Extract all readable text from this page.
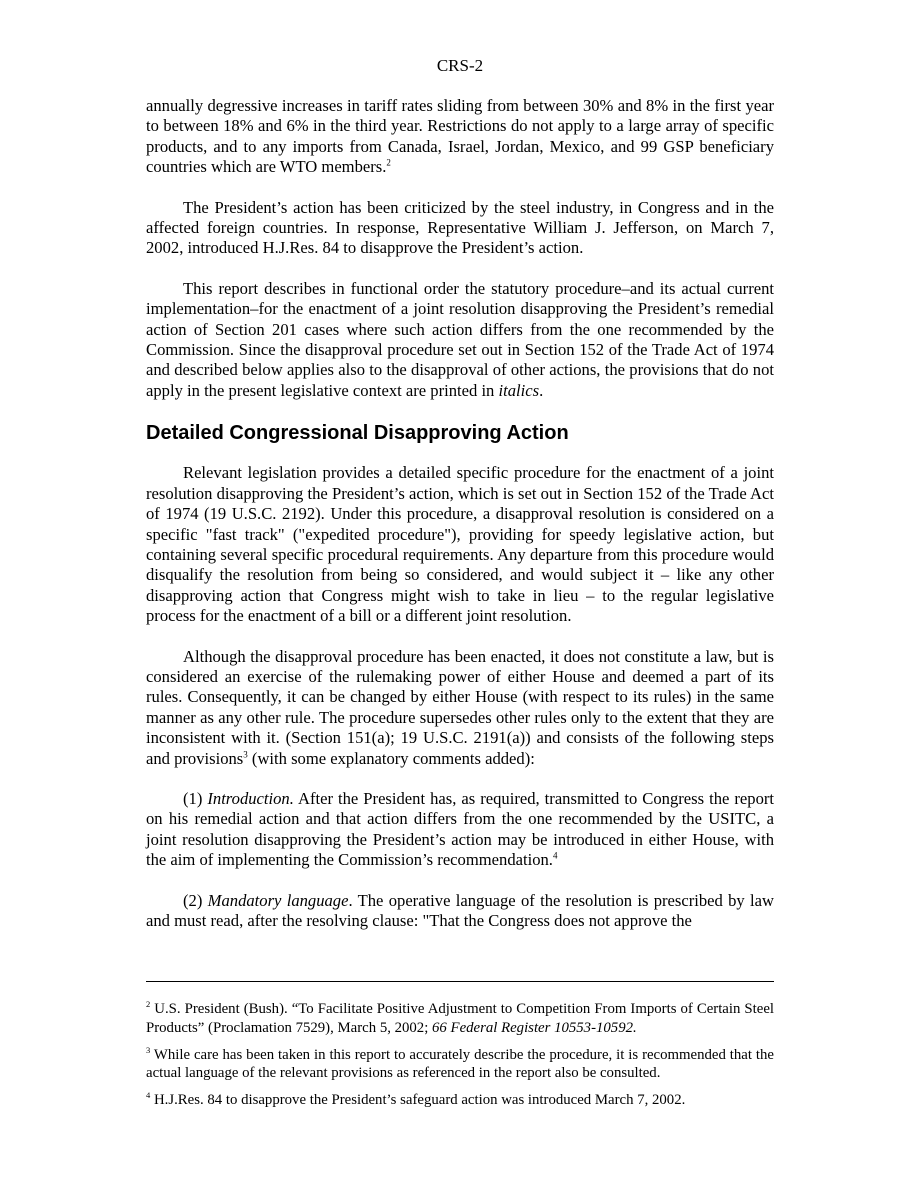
CRS-2

annually degressive increases in tariff rates sliding from between 30% and 8% in the first year to between 18% and 6% in the third year. Restrictions do not apply to a large array of specific products, and to any imports from Canada, Israel, Jordan, Mexico, and 99 GSP beneficiary countries which are WTO members.$^2$

The President’s action has been criticized by the steel industry, in Congress and in the affected foreign countries. In response, Representative William J. Jefferson, on March 7, 2002, introduced H.J.Res. 84 to disapprove the President’s action.

This report describes in functional order the statutory procedure–and its actual current implementation–for the enactment of a joint resolution disapproving the President’s remedial action of Section 201 cases where such action differs from the one recommended by the Commission. Since the disapproval procedure set out in Section 152 of the Trade Act of 1974 and described below applies also to the disapproval of other actions, the provisions that do not apply in the present legislative context are printed in italics.

Detailed Congressional Disapproving Action

Relevant legislation provides a detailed specific procedure for the enactment of a joint resolution disapproving the President’s action, which is set out in Section 152 of the Trade Act of 1974 (19 U.S.C. 2192). Under this procedure, a disapproval resolution is considered on a specific "fast track" ("expedited procedure"), providing for speedy legislative action, but containing several specific procedural requirements. Any departure from this procedure would disqualify the resolution from being so considered, and would subject it – like any other disapproving action that Congress might wish to take in lieu – to the regular legislative process for the enactment of a bill or a different joint resolution.

Although the disapproval procedure has been enacted, it does not constitute a law, but is considered an exercise of the rulemaking power of either House and deemed a part of its rules. Consequently, it can be changed by either House (with respect to its rules) in the same manner as any other rule. The procedure supersedes other rules only to the extent that they are inconsistent with it. (Section 151(a); 19 U.S.C. 2191(a)) and consists of the following steps and provisions$^3$ (with some explanatory comments added):

(1) Introduction. After the President has, as required, transmitted to Congress the report on his remedial action and that action differs from the one recommended by the USITC, a joint resolution disapproving the President’s action may be introduced in either House, with the aim of implementing the Commission’s recommendation.$^4$

(2) Mandatory language. The operative language of the resolution is prescribed by law and must read, after the resolving clause: "That the Congress does not approve the

$^2$ U.S. President (Bush). “To Facilitate Positive Adjustment to Competition From Imports of Certain Steel Products” (Proclamation 7529), March 5, 2002; 66 Federal Register 10553-10592.

$^3$ While care has been taken in this report to accurately describe the procedure, it is recommended that the actual language of the relevant provisions as referenced in the report also be consulted.

$^4$ H.J.Res. 84 to disapprove the President’s safeguard action was introduced March 7, 2002.
